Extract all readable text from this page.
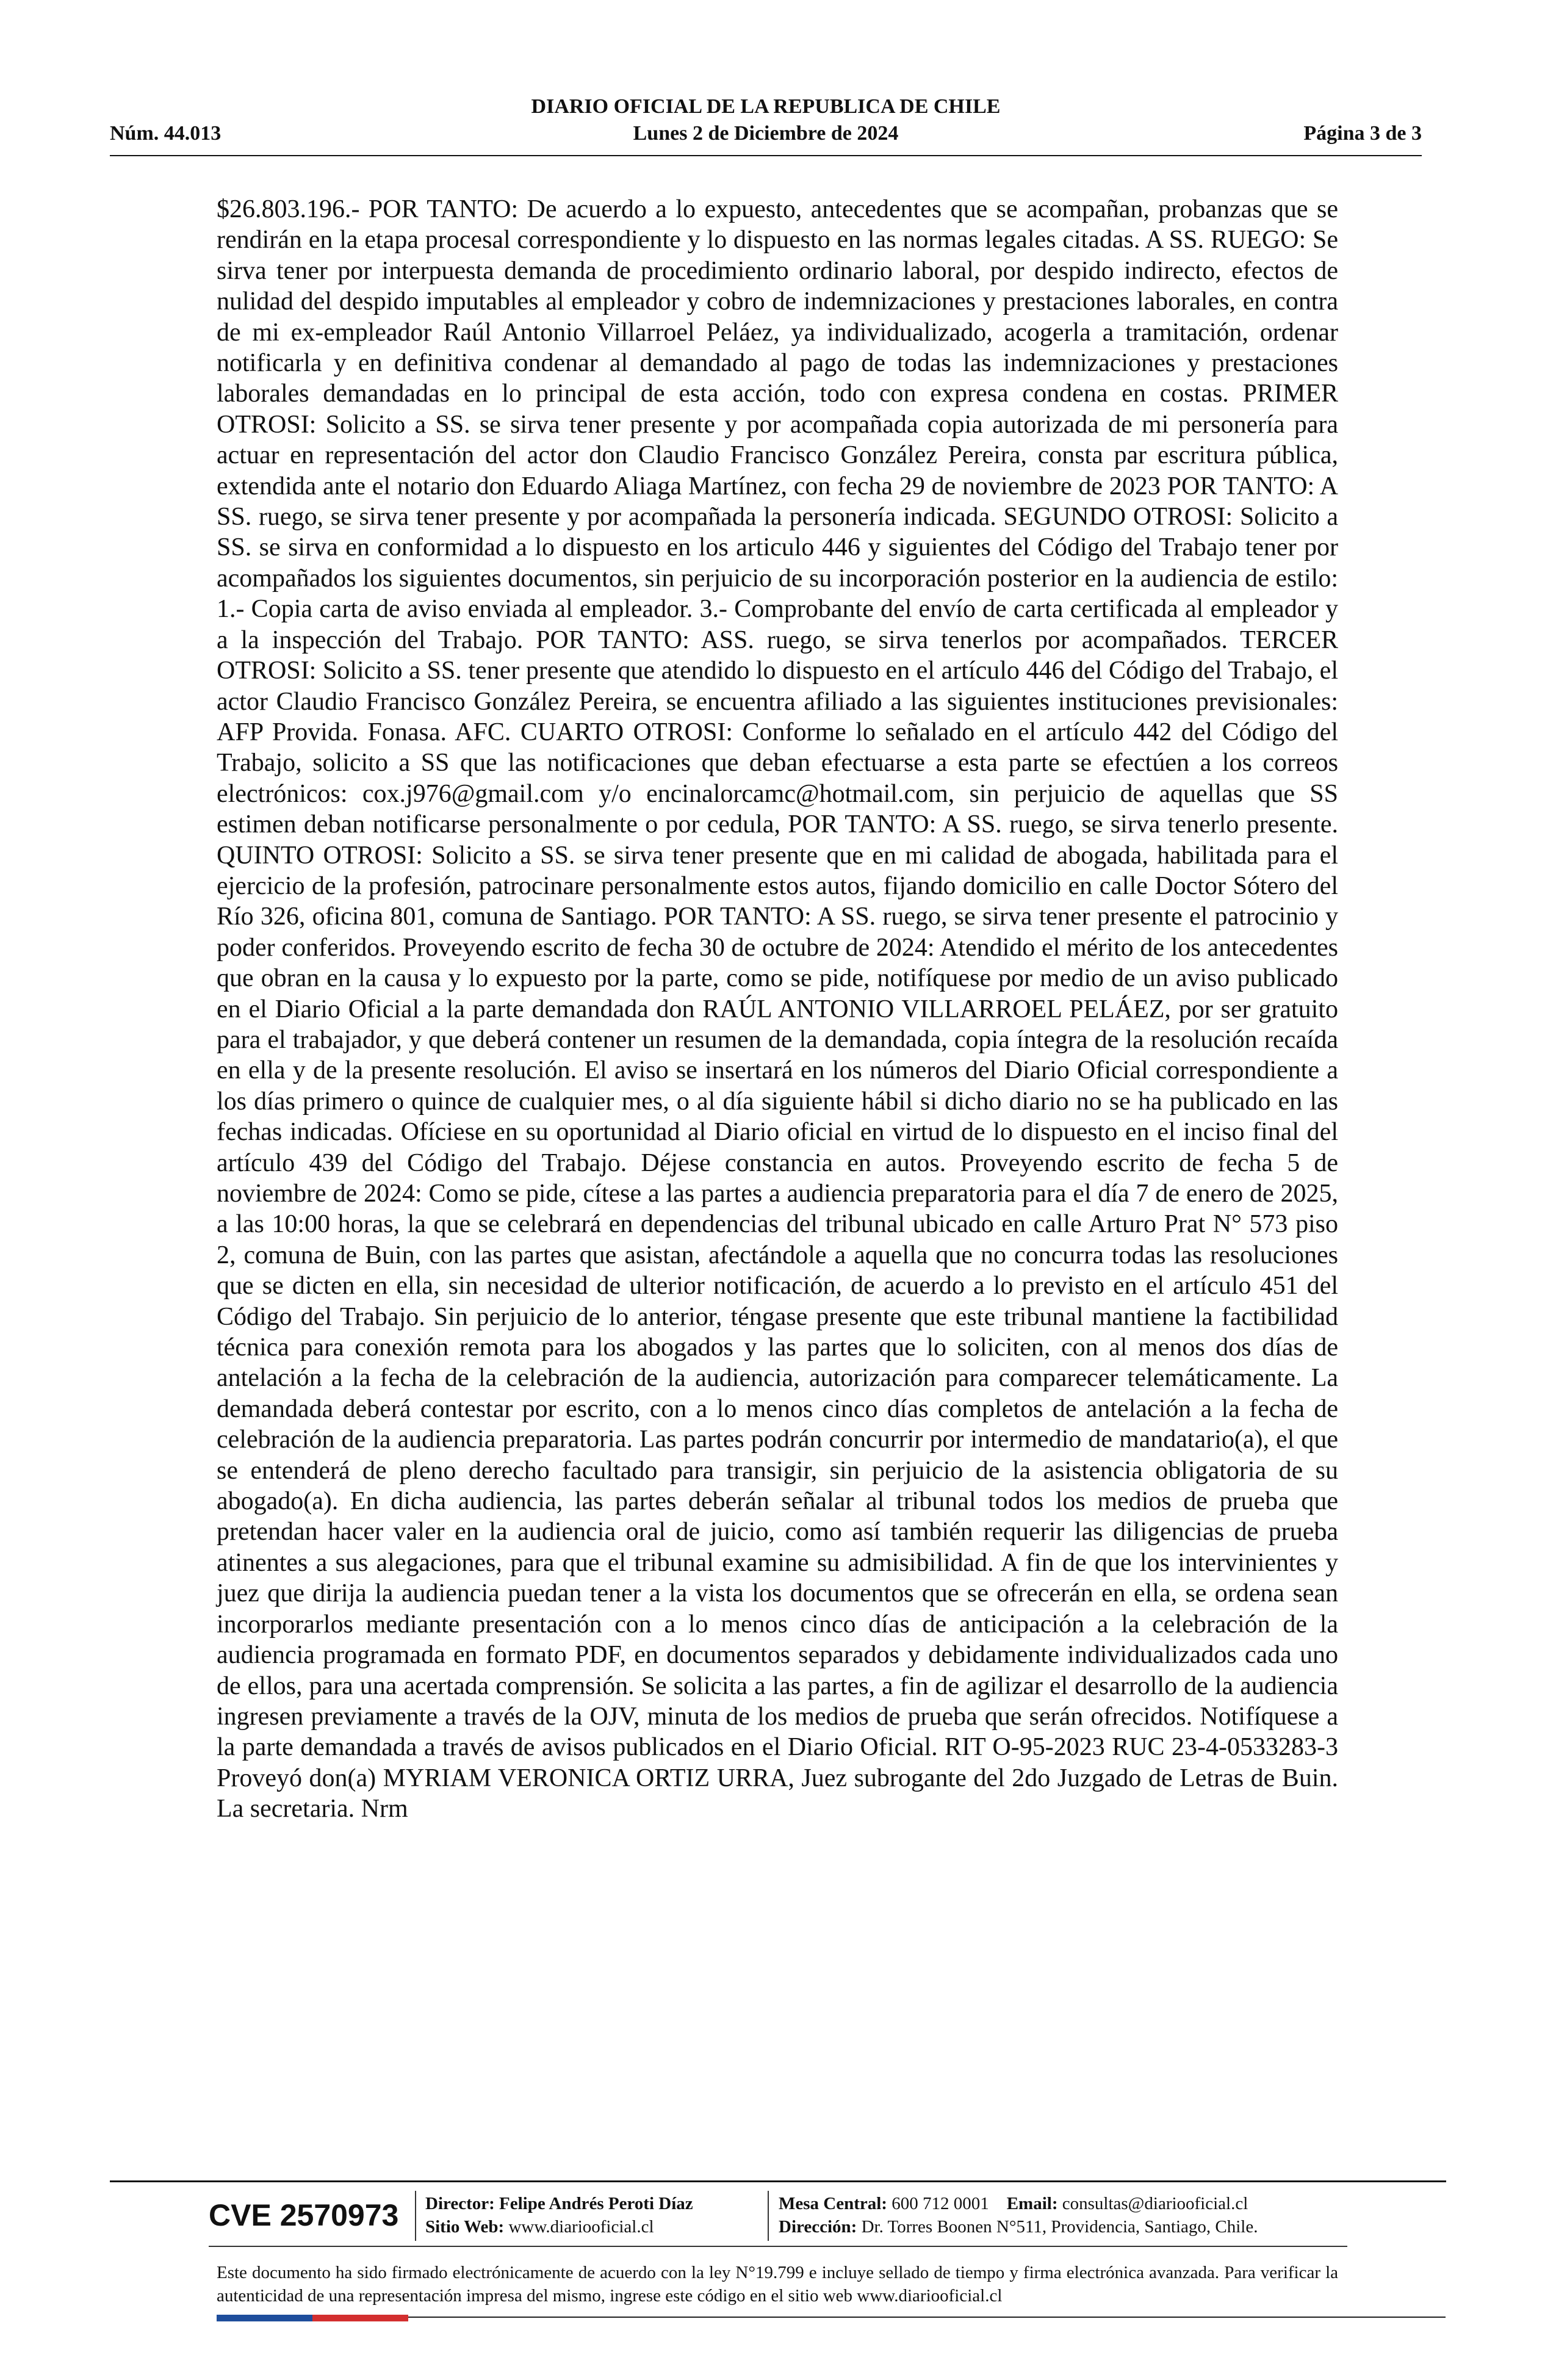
DIARIO OFICIAL DE LA REPUBLICA DE CHILE
Núm. 44.013	Lunes 2 de Diciembre de 2024	Página 3 de 3

$26.803.196.- POR TANTO: De acuerdo a lo expuesto, antecedentes que se acompañan, probanzas que se rendirán en la etapa procesal correspondiente y lo dispuesto en las normas legales citadas. A SS. RUEGO: Se sirva tener por interpuesta demanda de procedimiento ordinario laboral, por despido indirecto, efectos de nulidad del despido imputables al empleador y cobro de indemnizaciones y prestaciones laborales, en contra de mi ex-empleador Raúl Antonio Villarroel Peláez, ya individualizado, acogerla a tramitación, ordenar notificarla y en definitiva condenar al demandado al pago de todas las indemnizaciones y prestaciones laborales demandadas en lo principal de esta acción, todo con expresa condena en costas. PRIMER OTROSI: Solicito a SS. se sirva tener presente y por acompañada copia autorizada de mi personería para actuar en representación del actor don Claudio Francisco González Pereira, consta par escritura pública, extendida ante el notario don Eduardo Aliaga Martínez, con fecha 29 de noviembre de 2023 POR TANTO: A SS. ruego, se sirva tener presente y por acompañada la personería indicada. SEGUNDO OTROSI: Solicito a SS. se sirva en conformidad a lo dispuesto en los articulo 446 y siguientes del Código del Trabajo tener por acompañados los siguientes documentos, sin perjuicio de su incorporación posterior en la audiencia de estilo: 1.- Copia carta de aviso enviada al empleador. 3.- Comprobante del envío de carta certificada al empleador y a la inspección del Trabajo. POR TANTO: ASS. ruego, se sirva tenerlos por acompañados. TERCER OTROSI: Solicito a SS. tener presente que atendido lo dispuesto en el artículo 446 del Código del Trabajo, el actor Claudio Francisco González Pereira, se encuentra afiliado a las siguientes instituciones previsionales: AFP Provida. Fonasa. AFC. CUARTO OTROSI: Conforme lo señalado en el artículo 442 del Código del Trabajo, solicito a SS que las notificaciones que deban efectuarse a esta parte se efectúen a los correos electrónicos: cox.j976@gmail.com y/o encinalorcamc@hotmail.com, sin perjuicio de aquellas que SS estimen deban notificarse personalmente o por cedula, POR TANTO: A SS. ruego, se sirva tenerlo presente. QUINTO OTROSI: Solicito a SS. se sirva tener presente que en mi calidad de abogada, habilitada para el ejercicio de la profesión, patrocinare personalmente estos autos, fijando domicilio en calle Doctor Sótero del Río 326, oficina 801, comuna de Santiago. POR TANTO: A SS. ruego, se sirva tener presente el patrocinio y poder conferidos. Proveyendo escrito de fecha 30 de octubre de 2024: Atendido el mérito de los antecedentes que obran en la causa y lo expuesto por la parte, como se pide, notifíquese por medio de un aviso publicado en el Diario Oficial a la parte demandada don RAÚL ANTONIO VILLARROEL PELÁEZ, por ser gratuito para el trabajador, y que deberá contener un resumen de la demandada, copia íntegra de la resolución recaída en ella y de la presente resolución. El aviso se insertará en los números del Diario Oficial correspondiente a los días primero o quince de cualquier mes, o al día siguiente hábil si dicho diario no se ha publicado en las fechas indicadas. Ofíciese en su oportunidad al Diario oficial en virtud de lo dispuesto en el inciso final del artículo 439 del Código del Trabajo. Déjese constancia en autos. Proveyendo escrito de fecha 5 de noviembre de 2024: Como se pide, cítese a las partes a audiencia preparatoria para el día 7 de enero de 2025, a las 10:00 horas, la que se celebrará en dependencias del tribunal ubicado en calle Arturo Prat N° 573 piso 2, comuna de Buin, con las partes que asistan, afectándole a aquella que no concurra todas las resoluciones que se dicten en ella, sin necesidad de ulterior notificación, de acuerdo a lo previsto en el artículo 451 del Código del Trabajo. Sin perjuicio de lo anterior, téngase presente que este tribunal mantiene la factibilidad técnica para conexión remota para los abogados y las partes que lo soliciten, con al menos dos días de antelación a la fecha de la celebración de la audiencia, autorización para comparecer telemáticamente. La demandada deberá contestar por escrito, con a lo menos cinco días completos de antelación a la fecha de celebración de la audiencia preparatoria. Las partes podrán concurrir por intermedio de mandatario(a), el que se entenderá de pleno derecho facultado para transigir, sin perjuicio de la asistencia obligatoria de su abogado(a). En dicha audiencia, las partes deberán señalar al tribunal todos los medios de prueba que pretendan hacer valer en la audiencia oral de juicio, como así también requerir las diligencias de prueba atinentes a sus alegaciones, para que el tribunal examine su admisibilidad. A fin de que los intervinientes y juez que dirija la audiencia puedan tener a la vista los documentos que se ofrecerán en ella, se ordena sean incorporarlos mediante presentación con a lo menos cinco días de anticipación a la celebración de la audiencia programada en formato PDF, en documentos separados y debidamente individualizados cada uno de ellos, para una acertada comprensión. Se solicita a las partes, a fin de agilizar el desarrollo de la audiencia ingresen previamente a través de la OJV, minuta de los medios de prueba que serán ofrecidos. Notifíquese a la parte demandada a través de avisos publicados en el Diario Oficial. RIT O-95-2023 RUC 23-4-0533283-3 Proveyó don(a) MYRIAM VERONICA ORTIZ URRA, Juez subrogante del 2do Juzgado de Letras de Buin. La secretaria. Nrm

CVE 2570973 Director: Felipe Andrés Peroti Díaz
Sitio Web: www.diariooficial.cl
Mesa Central: 600 712 0001 Email: consultas@diariooficial.cl
Dirección: Dr. Torres Boonen N°511, Providencia, Santiago, Chile.

Este documento ha sido firmado electrónicamente de acuerdo con la ley N°19.799 e incluye sellado de tiempo y firma electrónica avanzada. Para verificar la autenticidad de una representación impresa del mismo, ingrese este código en el sitio web www.diariooficial.cl
